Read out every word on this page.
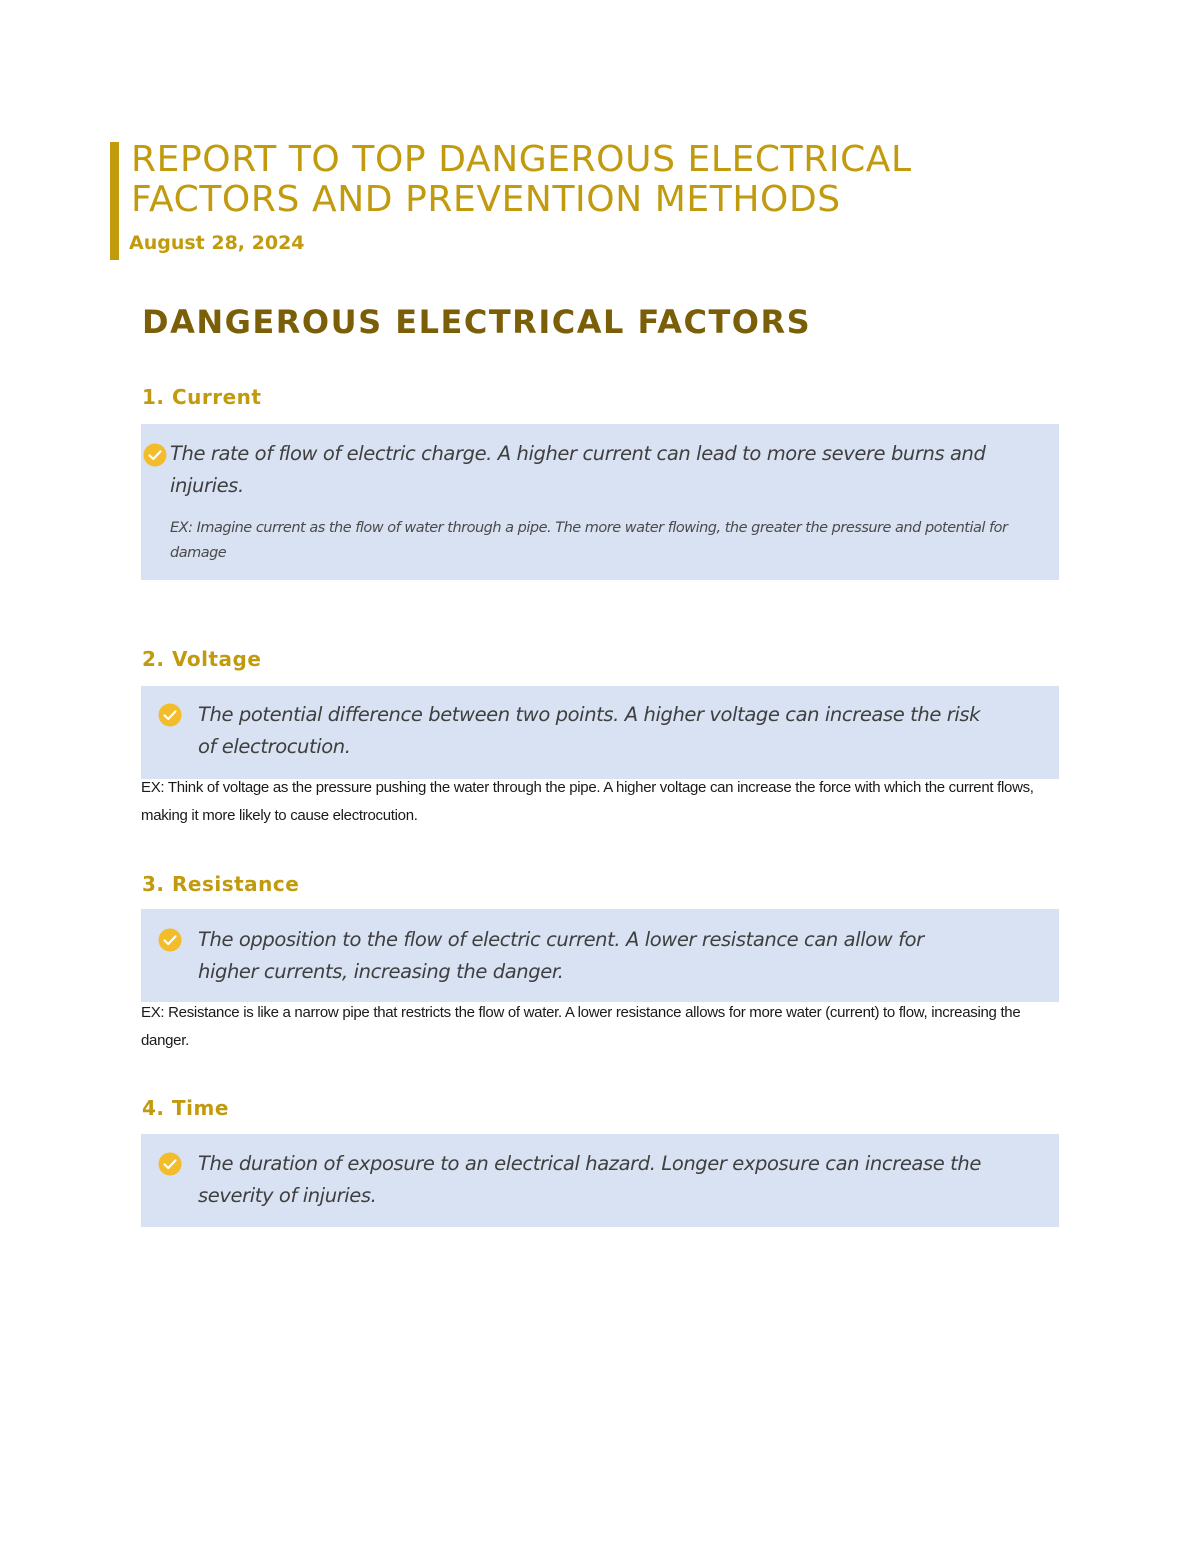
REPORT TO TOP DANGEROUS ELECTRICAL FACTORS AND PREVENTION METHODS

August 28, 2024

DANGEROUS ELECTRICAL FACTORS
1. Current

The rate of flow of electric charge. A higher current can lead to more severe burns and injuries.

EX: Imagine current as the flow of water through a pipe. The more water flowing, the greater the pressure and potential for damage

2. Voltage

The potential difference between two points. A higher voltage can increase the risk of electrocution.

EX: Think of voltage as the pressure pushing the water through the pipe. A higher voltage can increase the force with which the current flows, making it more likely to cause electrocution.

3. Resistance

The opposition to the flow of electric current. A lower resistance can allow for higher currents, increasing the danger.

EX: Resistance is like a narrow pipe that restricts the flow of water. A lower resistance allows for more water (current) to flow, increasing the danger.

4. Time

The duration of exposure to an electrical hazard. Longer exposure can increase the severity of injuries.
